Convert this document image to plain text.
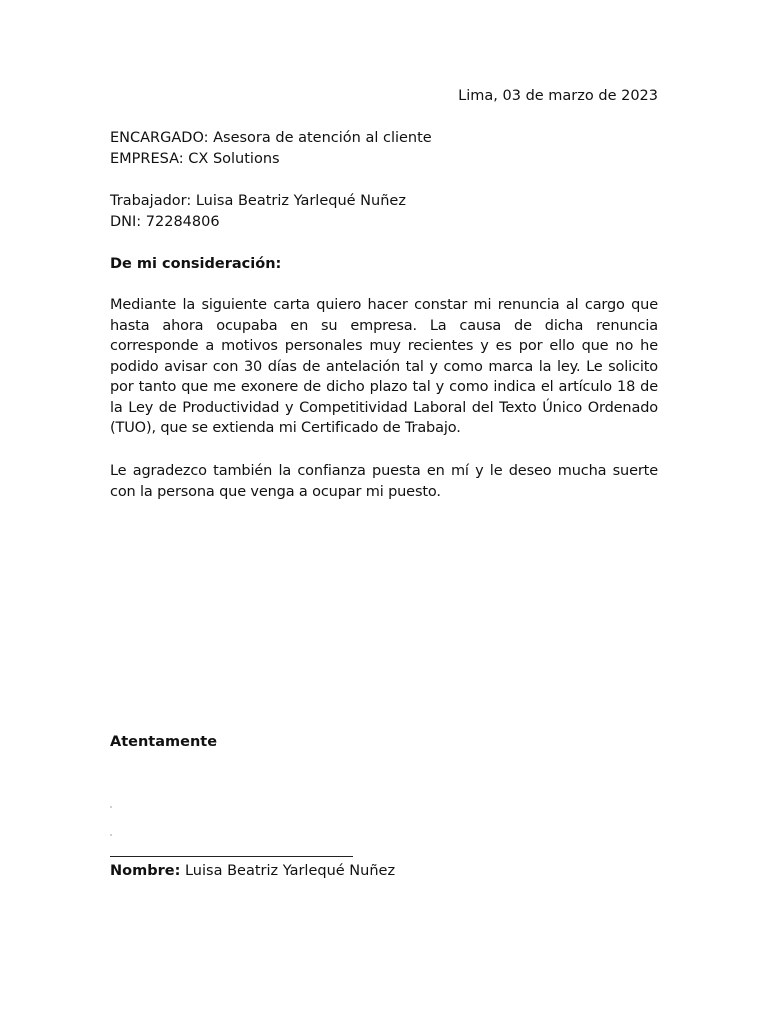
Lima, 03 de marzo de 2023
ENCARGADO: Asesora de atención al cliente
EMPRESA: CX Solutions
Trabajador: Luisa Beatriz Yarlequé Nuñez
DNI: 72284806
De mi consideración:
Mediante la siguiente carta quiero hacer constar mi renuncia al cargo que hasta ahora ocupaba en su empresa. La causa de dicha renuncia corresponde a motivos personales muy recientes y es por ello que no he podido avisar con 30 días de antelación tal y como marca la ley. Le solicito por tanto que me exonere de dicho plazo tal y como indica el artículo 18 de la Ley de Productividad y Competitividad Laboral del Texto Único Ordenado (TUO), que se extienda mi Certificado de Trabajo.
Le agradezco también la confianza puesta en mí y le deseo mucha suerte con la persona que venga a ocupar mi puesto.
Atentamente
Nombre: Luisa Beatriz Yarlequé Nuñez
